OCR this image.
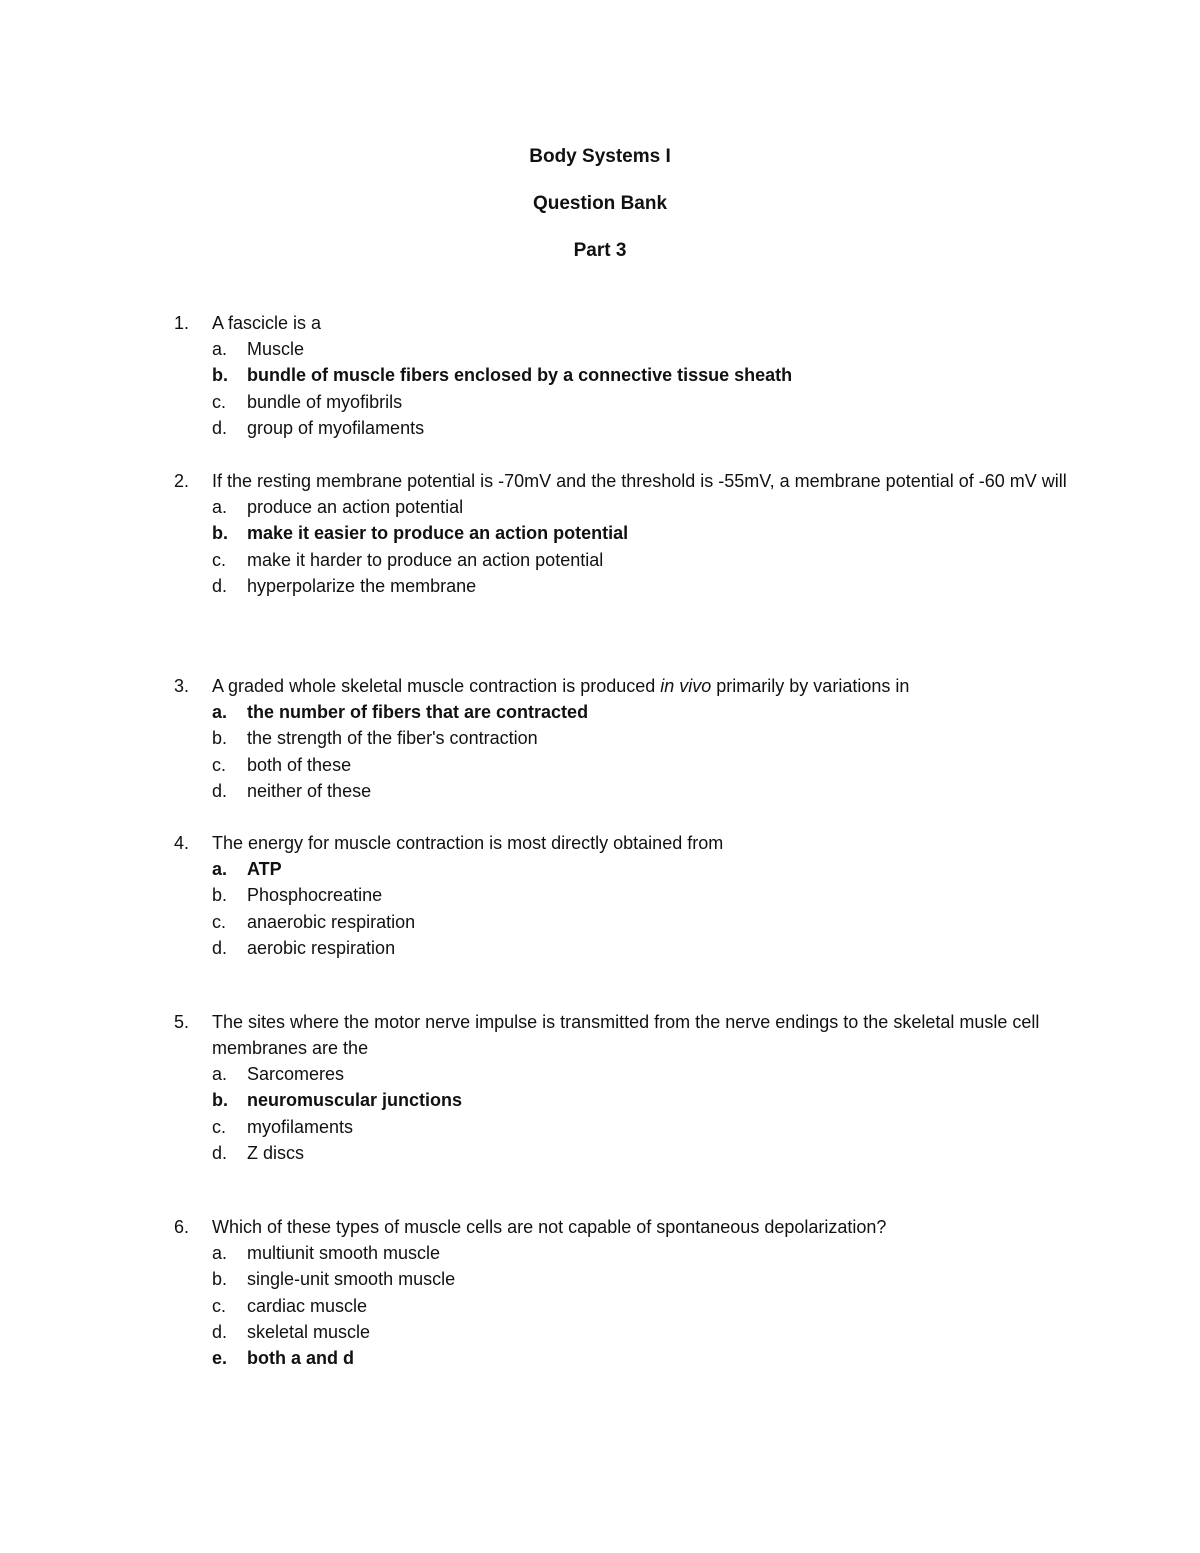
Body Systems I
Question Bank
Part 3
1. A fascicle is a
a. Muscle
b. bundle of muscle fibers enclosed by a connective tissue sheath
c. bundle of myofibrils
d. group of myofilaments
2. If the resting membrane potential is -70mV and the threshold is -55mV, a membrane potential of -60 mV will
a. produce an action potential
b. make it easier to produce an action potential
c. make it harder to produce an action potential
d. hyperpolarize the membrane
3. A graded whole skeletal muscle contraction is produced in vivo primarily by variations in
a. the number of fibers that are contracted
b. the strength of the fiber's contraction
c. both of these
d. neither of these
4. The energy for muscle contraction is most directly obtained from
a. ATP
b. Phosphocreatine
c. anaerobic respiration
d. aerobic respiration
5. The sites where the motor nerve impulse is transmitted from the nerve endings to the skeletal musle cell membranes are the
a. Sarcomeres
b. neuromuscular junctions
c. myofilaments
d. Z discs
6. Which of these types of muscle cells are not capable of spontaneous depolarization?
a. multiunit smooth muscle
b. single-unit smooth muscle
c. cardiac muscle
d. skeletal muscle
e. both a and d
